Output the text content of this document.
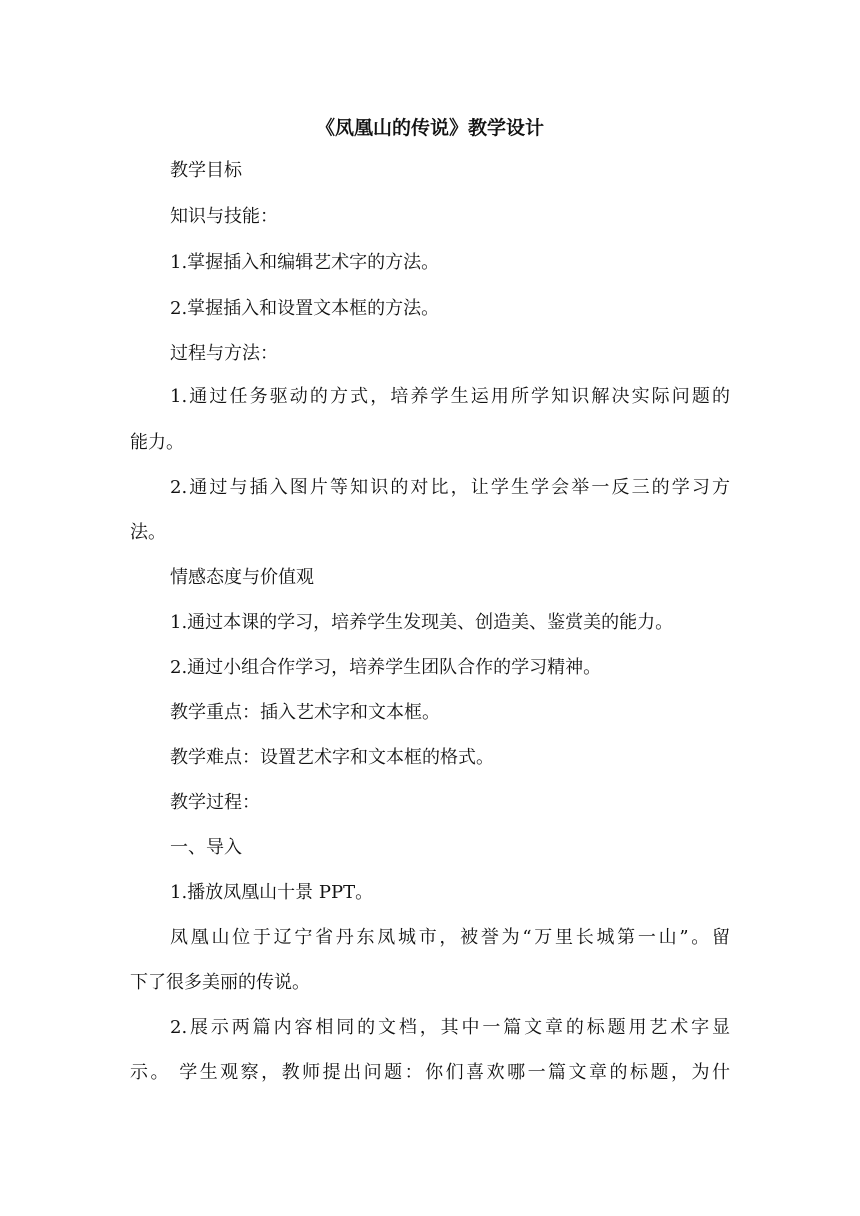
《凤凰山的传说》教学设计
教学目标
知识与技能：
1.掌握插入和编辑艺术字的方法。
2.掌握插入和设置文本框的方法。
过程与方法：
1.通过任务驱动的方式，培养学生运用所学知识解决实际问题的
能力。
2.通过与插入图片等知识的对比，让学生学会举一反三的学习方
法。
情感态度与价值观
1.通过本课的学习，培养学生发现美、创造美、鉴赏美的能力。
2.通过小组合作学习，培养学生团队合作的学习精神。
教学重点：插入艺术字和文本框。
教学难点：设置艺术字和文本框的格式。
教学过程：
一、导入
1.播放凤凰山十景 PPT。
凤凰山位于辽宁省丹东凤城市，被誉为“万里长城第一山”。留
下了很多美丽的传说。
2.展示两篇内容相同的文档，其中一篇文章的标题用艺术字显
示。 学生观察，教师提出问题：你们喜欢哪一篇文章的标题，为什
